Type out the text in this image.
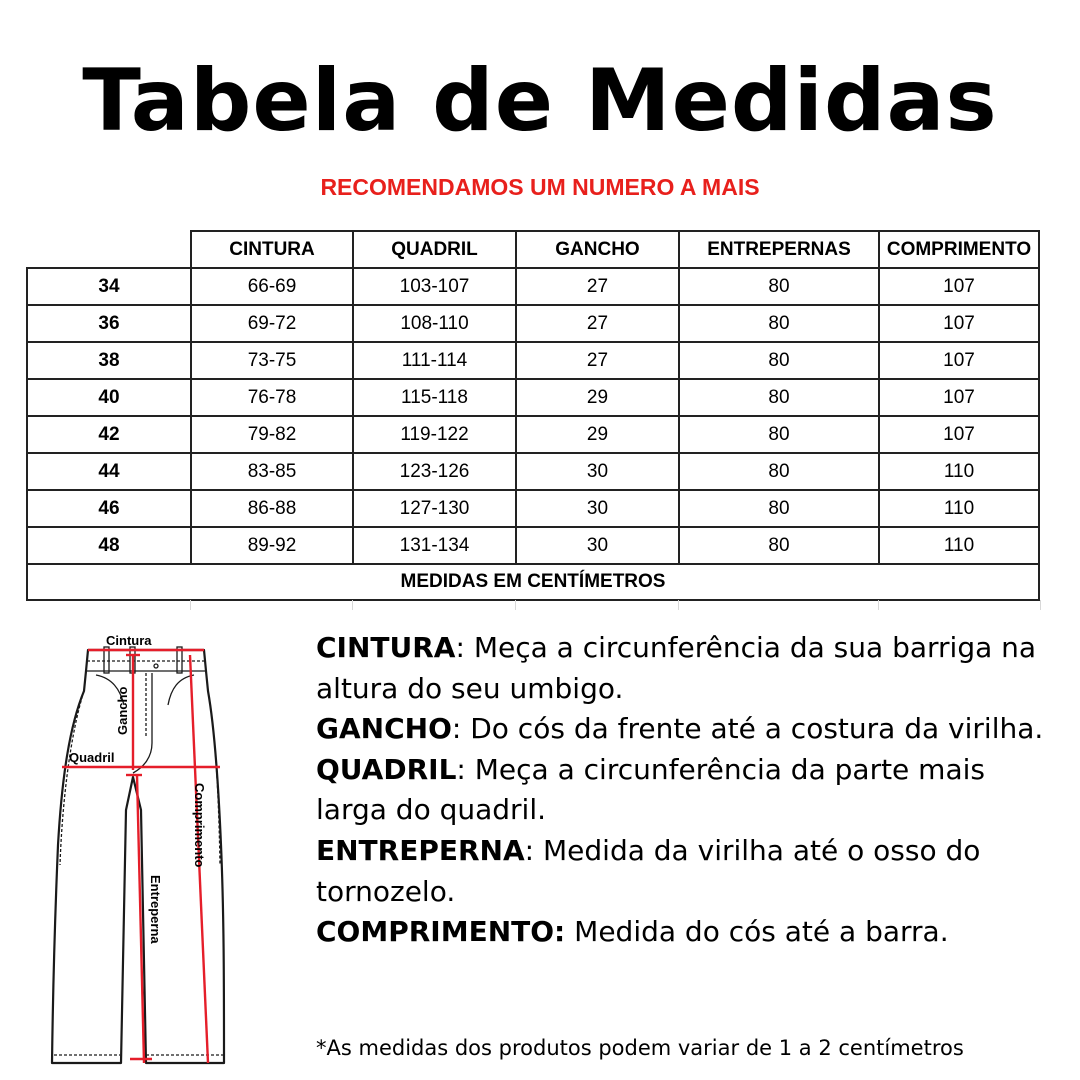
Tabela de Medidas
RECOMENDAMOS UM NUMERO A MAIS
	CINTURA	QUADRIL	GANCHO	ENTREPERNAS	COMPRIMENTO
34	66-69	103-107	27	80	107
36	69-72	108-110	27	80	107
38	73-75	111-114	27	80	107
40	76-78	115-118	29	80	107
42	79-82	119-122	29	80	107
44	83-85	123-126	30	80	110
46	86-88	127-130	30	80	110
48	89-92	131-134	30	80	110
MEDIDAS EM CENTÍMETROS					
Cintura
Quadril
Gancho
Comprimento
Entreperna

CINTURA: Meça a circunferência da sua barriga na altura do seu umbigo.

GANCHO: Do cós da frente até a costura da virilha.

QUADRIL: Meça a circunferência da parte mais larga do quadril.

ENTREPERNA: Medida da virilha até o osso do tornozelo.

COMPRIMENTO: Medida do cós até a barra.

*As medidas dos produtos podem variar de 1 a 2 centímetros
